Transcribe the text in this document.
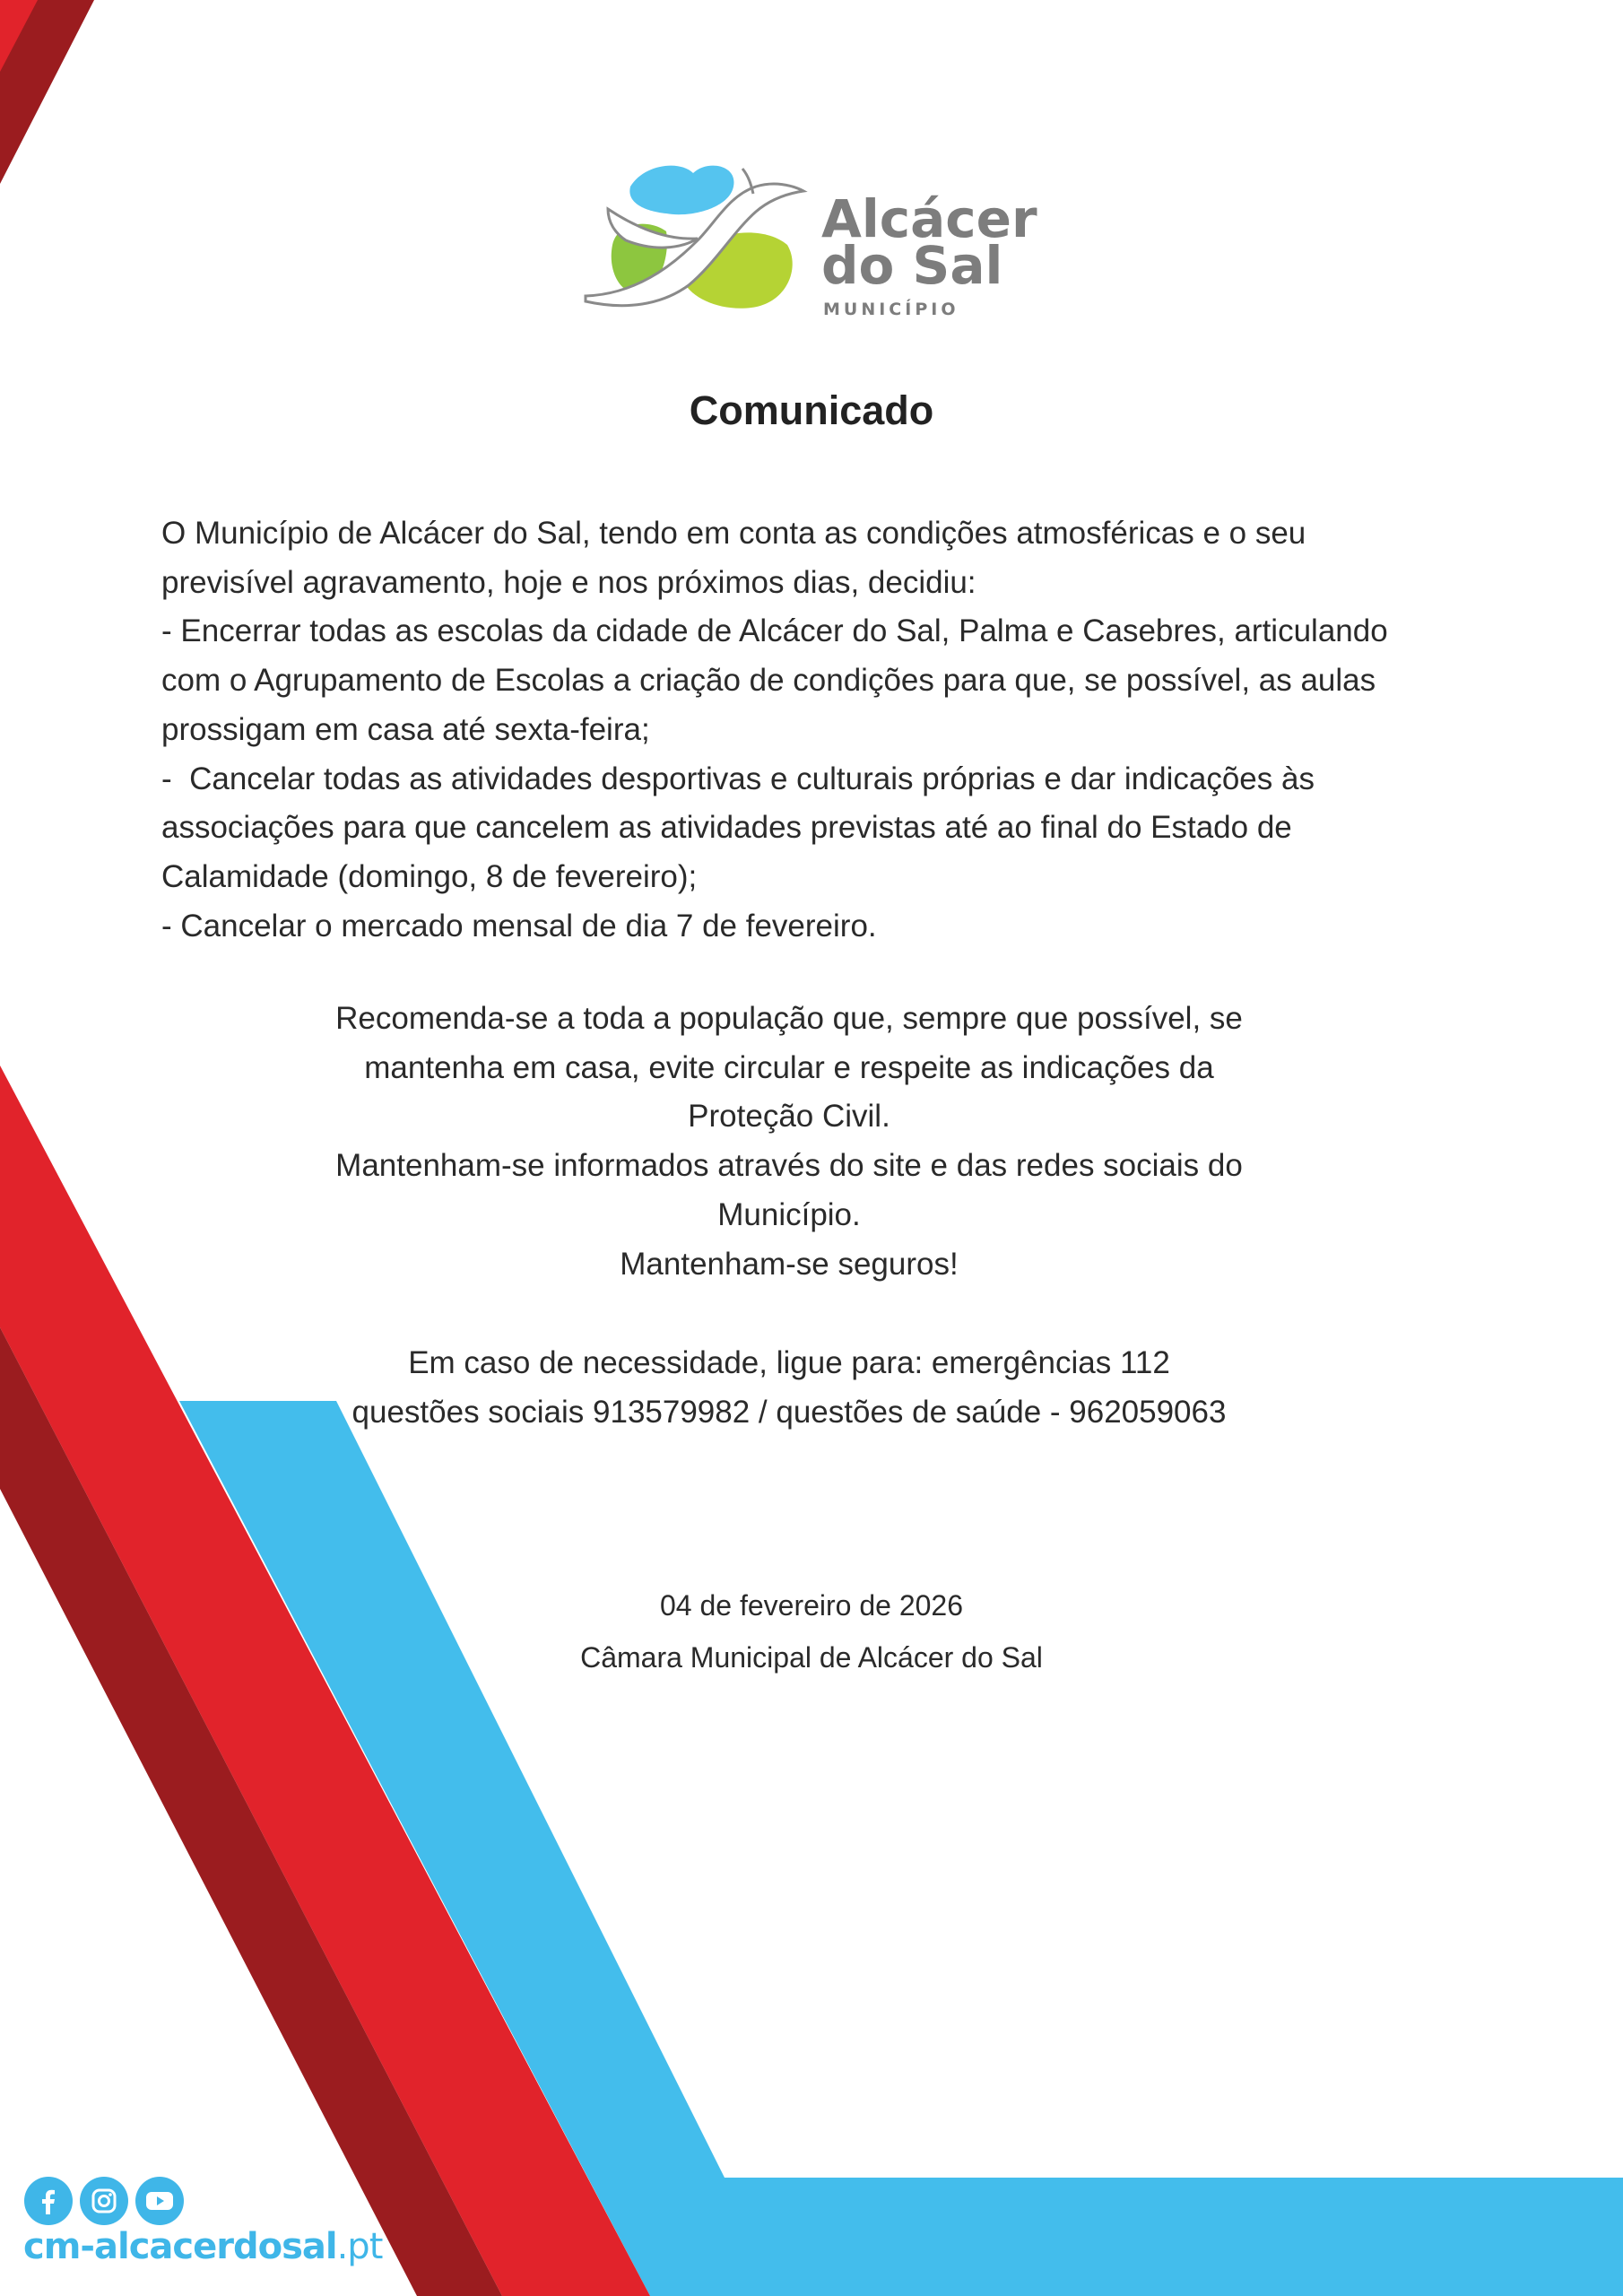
Alcácer
do Sal
MUNICÍPIO
Comunicado

O Município de Alcácer do Sal, tendo em conta as condições atmosféricas e o seu

previsível agravamento, hoje e nos próximos dias, decidiu:

- Encerrar todas as escolas da cidade de Alcácer do Sal, Palma e Casebres, articulando

com o Agrupamento de Escolas a criação de condições para que, se possível, as aulas

prossigam em casa até sexta-feira;

-  Cancelar todas as atividades desportivas e culturais próprias e dar indicações às

associações para que cancelem as atividades previstas até ao final do Estado de

Calamidade (domingo, 8 de fevereiro);

- Cancelar o mercado mensal de dia 7 de fevereiro.

Recomenda-se a toda a população que, sempre que possível, se

mantenha em casa, evite circular e respeite as indicações da

Proteção Civil.

Mantenham-se informados através do site e das redes sociais do

Município.

Mantenham-se seguros!

Em caso de necessidade, ligue para: emergências 112

questões sociais 913579982 / questões de saúde - 962059063

04 de fevereiro de 2026

Câmara Municipal de Alcácer do Sal

cm-alcacerdosal.pt
